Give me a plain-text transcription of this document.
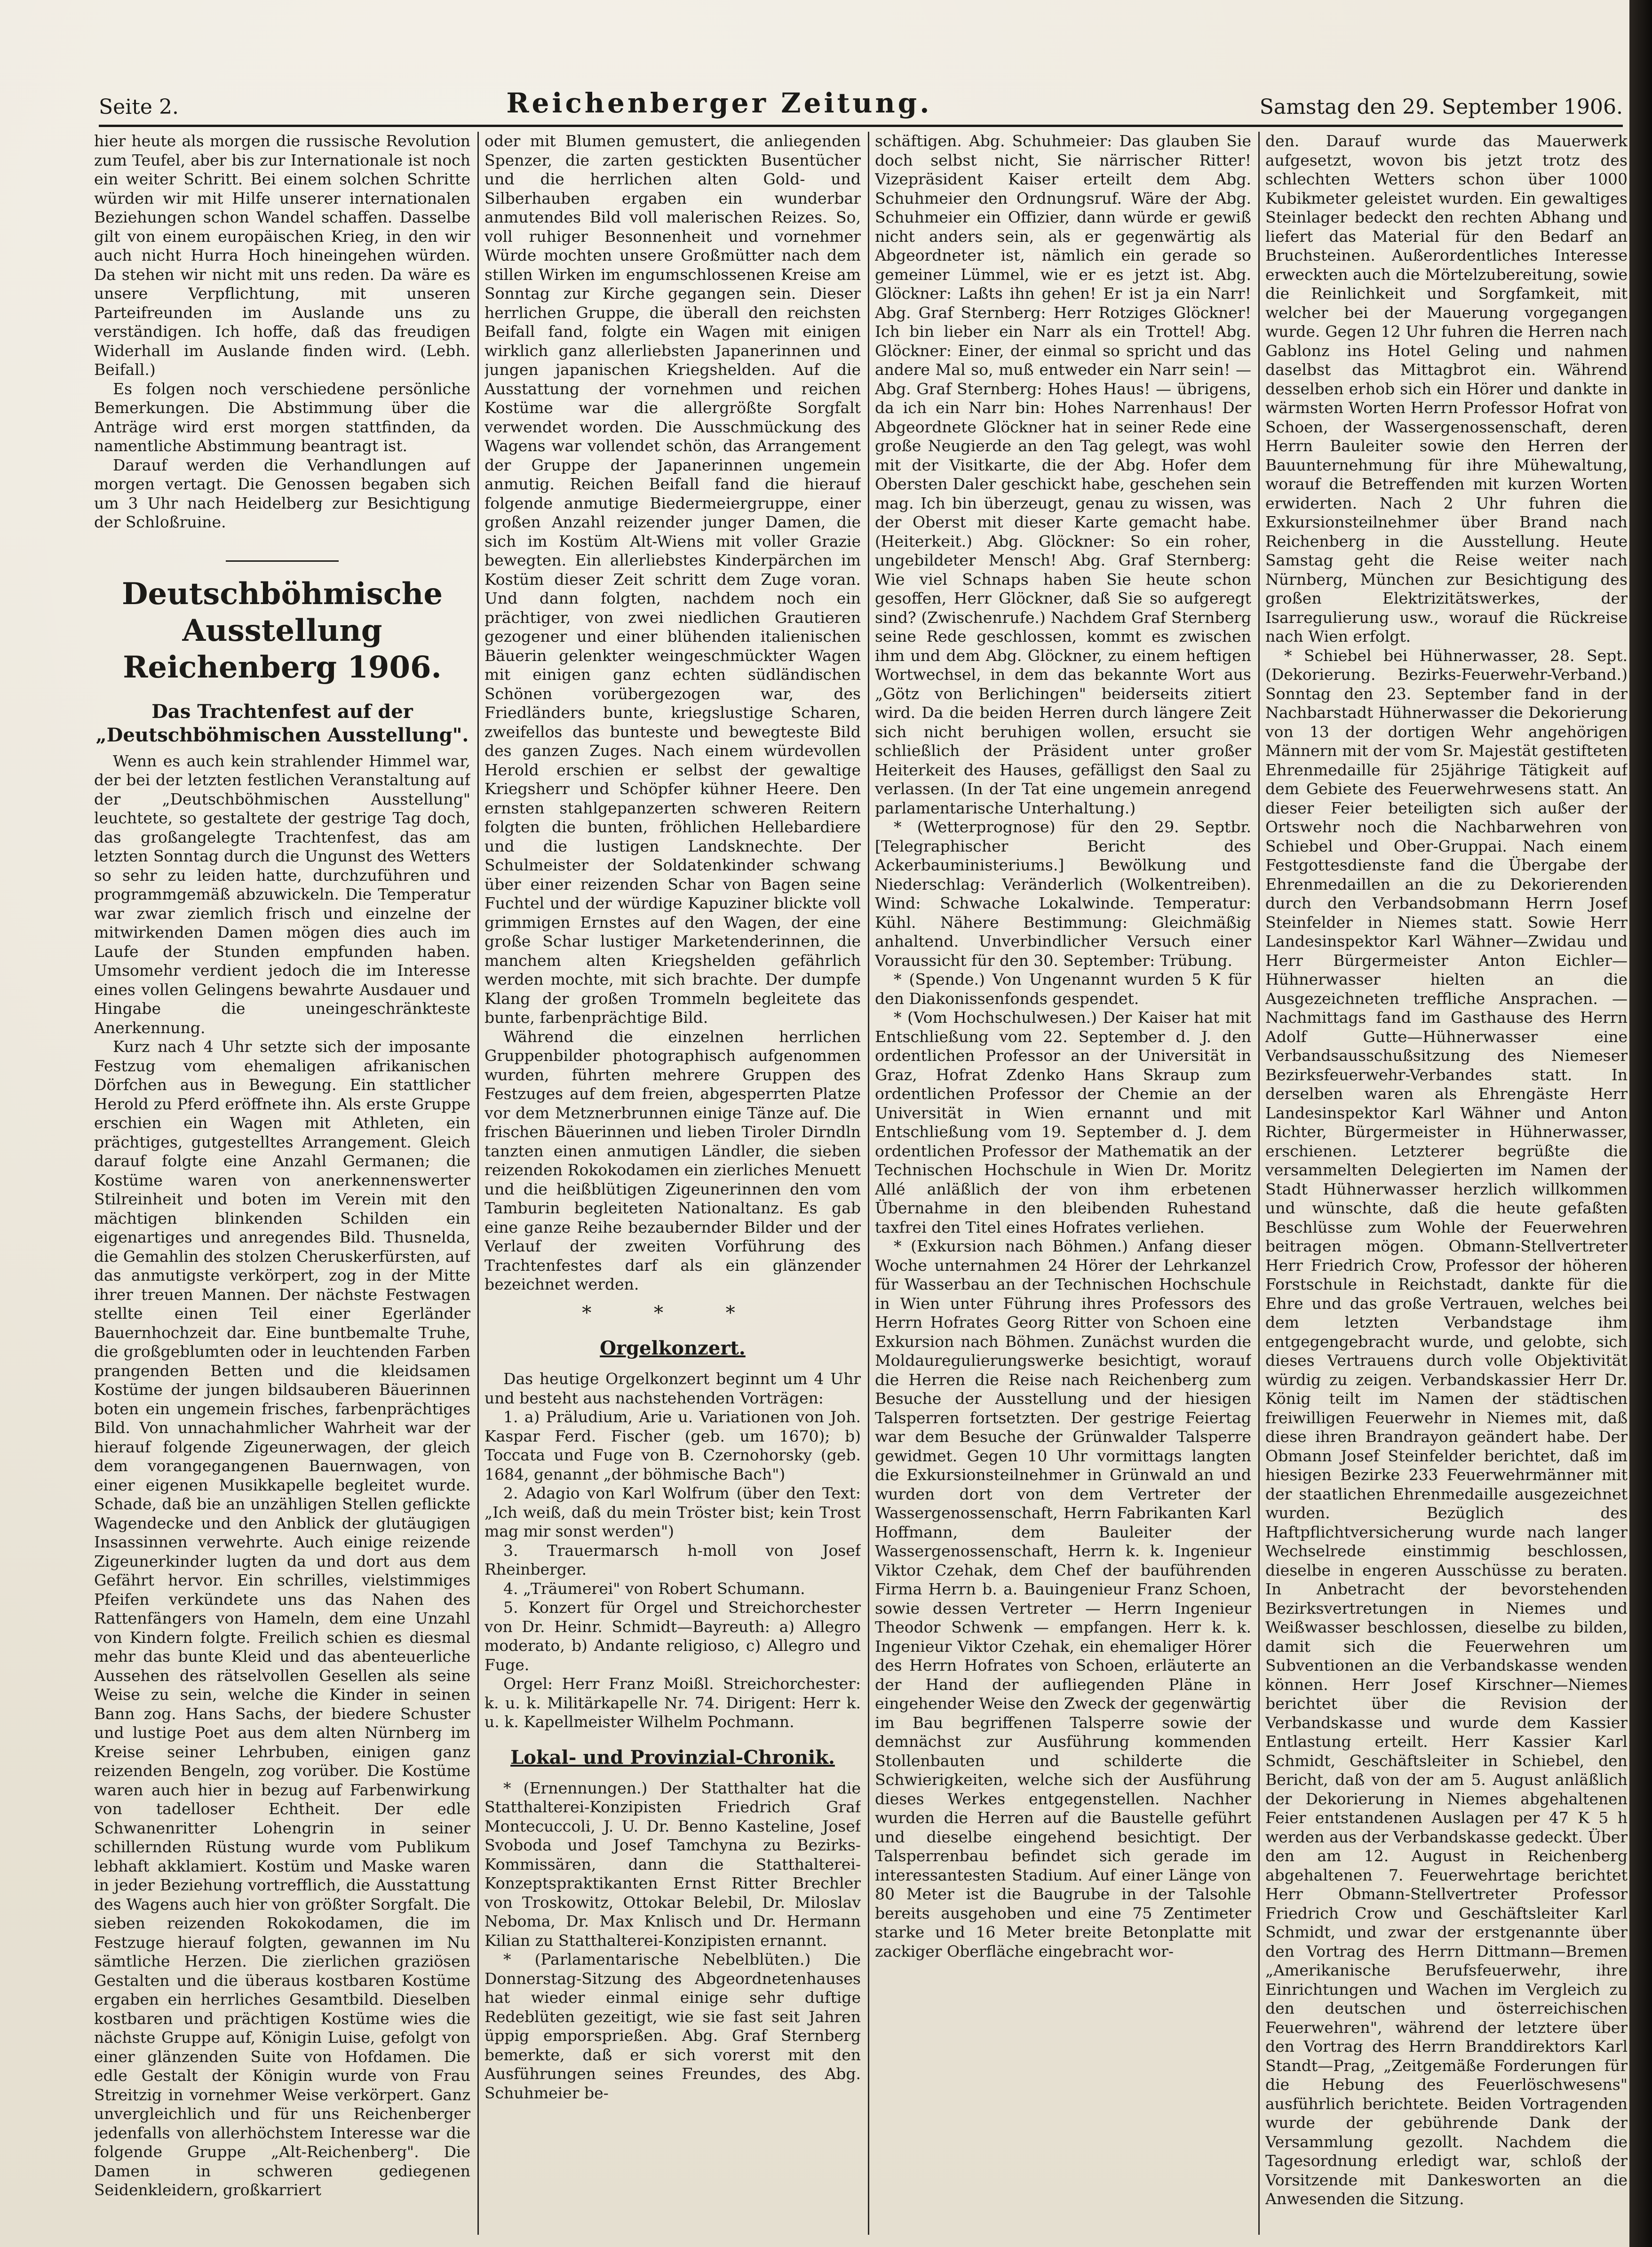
Seite 2.	Reichenberger Zeitung.	Samstag den 29. September 1906.

hier heute als morgen die russische Revolution zum Teufel, aber bis zur Internationale ist noch ein weiter Schritt. Bei einem solchen Schritte würden wir mit Hilfe unserer internationalen Beziehungen schon Wandel schaffen. Dasselbe gilt von einem europäischen Krieg, in den wir auch nicht Hurra Hoch hineingehen würden. Da stehen wir nicht mit uns reden. Da wäre es unsere Verpflichtung, mit unseren Parteifreunden im Auslande uns zu verständigen. Ich hoffe, daß das freudigen Widerhall im Auslande finden wird. (Lebh. Beifall.)

Es folgen noch verschiedene persönliche Bemerkungen. Die Abstimmung über die Anträge wird erst morgen stattfinden, da namentliche Abstimmung beantragt ist.

Darauf werden die Verhandlungen auf morgen vertagt. Die Genossen begaben sich um 3 Uhr nach Heidelberg zur Besichtigung der Schloßruine.

Deutschböhmische Ausstellung Reichenberg 1906.
Das Trachtenfest auf der „Deutschböhmischen Ausstellung".

Wenn es auch kein strahlender Himmel war, der bei der letzten festlichen Veranstaltung auf der „Deutschböhmischen Ausstellung" leuchtete, so gestaltete der gestrige Tag doch, das großangelegte Trachtenfest, das am letzten Sonntag durch die Ungunst des Wetters so sehr zu leiden hatte, durchzuführen und programmgemäß abzuwickeln. Die Temperatur war zwar ziemlich frisch und einzelne der mitwirkenden Damen mögen dies auch im Laufe der Stunden empfunden haben. Umsomehr verdient jedoch die im Interesse eines vollen Gelingens bewahrte Ausdauer und Hingabe die uneingeschränkteste Anerkennung.

Kurz nach 4 Uhr setzte sich der imposante Festzug vom ehemaligen afrikanischen Dörfchen aus in Bewegung. Ein stattlicher Herold zu Pferd eröffnete ihn. Als erste Gruppe erschien ein Wagen mit Athleten, ein prächtiges, gutgestelltes Arrangement. Gleich darauf folgte eine Anzahl Germanen; die Kostüme waren von anerkennenswerter Stilreinheit und boten im Verein mit den mächtigen blinkenden Schilden ein eigenartiges und anregendes Bild. Thusnelda, die Gemahlin des stolzen Cheruskerfürsten, auf das anmutigste verkörpert, zog in der Mitte ihrer treuen Mannen. Der nächste Festwagen stellte einen Teil einer Egerländer Bauernhochzeit dar. Eine buntbemalte Truhe, die großgeblumten oder in leuchtenden Farben prangenden Betten und die kleidsamen Kostüme der jungen bildsauberen Bäuerinnen boten ein ungemein frisches, farbenprächtiges Bild. Von unnachahmlicher Wahrheit war der hierauf folgende Zigeunerwagen, der gleich dem vorangegangenen Bauernwagen, von einer eigenen Musikkapelle begleitet wurde. Schade, daß bie an unzähligen Stellen geflickte Wagendecke und den Anblick der glutäugigen Insassinnen verwehrte. Auch einige reizende Zigeunerkinder lugten da und dort aus dem Gefährt hervor. Ein schrilles, vielstimmiges Pfeifen verkündete uns das Nahen des Rattenfängers von Hameln, dem eine Unzahl von Kindern folgte. Freilich schien es diesmal mehr das bunte Kleid und das abenteuerliche Aussehen des rätselvollen Gesellen als seine Weise zu sein, welche die Kinder in seinen Bann zog. Hans Sachs, der biedere Schuster und lustige Poet aus dem alten Nürnberg im Kreise seiner Lehrbuben, einigen ganz reizenden Bengeln, zog vorüber. Die Kostüme waren auch hier in bezug auf Farbenwirkung von tadelloser Echtheit. Der edle Schwanenritter Lohengrin in seiner schillernden Rüstung wurde vom Publikum lebhaft akklamiert. Kostüm und Maske waren in jeder Beziehung vortrefflich, die Ausstattung des Wagens auch hier von größter Sorgfalt. Die sieben reizenden Rokokodamen, die im Festzuge hierauf folgten, gewannen im Nu sämtliche Herzen. Die zierlichen graziösen Gestalten und die überaus kostbaren Kostüme ergaben ein herrliches Gesamtbild. Dieselben kostbaren und prächtigen Kostüme wies die nächste Gruppe auf, Königin Luise, gefolgt von einer glänzenden Suite von Hofdamen. Die edle Gestalt der Königin wurde von Frau Streitzig in vornehmer Weise verkörpert. Ganz unvergleichlich und für uns Reichenberger jedenfalls von allerhöchstem Interesse war die folgende Gruppe „Alt-Reichenberg". Die Damen in schweren gediegenen Seidenkleidern, großkarriert

oder mit Blumen gemustert, die anliegenden Spenzer, die zarten gestickten Busentücher und die herrlichen alten Gold- und Silberhauben ergaben ein wunderbar anmutendes Bild voll malerischen Reizes. So, voll ruhiger Besonnenheit und vornehmer Würde mochten unsere Großmütter nach dem stillen Wirken im engumschlossenen Kreise am Sonntag zur Kirche gegangen sein. Dieser herrlichen Gruppe, die überall den reichsten Beifall fand, folgte ein Wagen mit einigen wirklich ganz allerliebsten Japanerinnen und jungen japanischen Kriegshelden. Auf die Ausstattung der vornehmen und reichen Kostüme war die allergrößte Sorgfalt verwendet worden. Die Ausschmückung des Wagens war vollendet schön, das Arrangement der Gruppe der Japanerinnen ungemein anmutig. Reichen Beifall fand die hierauf folgende anmutige Biedermeiergruppe, einer großen Anzahl reizender junger Damen, die sich im Kostüm Alt-Wiens mit voller Grazie bewegten. Ein allerliebstes Kinderpärchen im Kostüm dieser Zeit schritt dem Zuge voran. Und dann folgten, nachdem noch ein prächtiger, von zwei niedlichen Grautieren gezogener und einer blühenden italienischen Bäuerin gelenkter weingeschmückter Wagen mit einigen ganz echten südländischen Schönen vorübergezogen war, des Friedländers bunte, kriegslustige Scharen, zweifellos das bunteste und bewegteste Bild des ganzen Zuges. Nach einem würdevollen Herold erschien er selbst der gewaltige Kriegsherr und Schöpfer kühner Heere. Den ernsten stahlgepanzerten schweren Reitern folgten die bunten, fröhlichen Hellebardiere und die lustigen Landsknechte. Der Schulmeister der Soldatenkinder schwang über einer reizenden Schar von Bagen seine Fuchtel und der würdige Kapuziner blickte voll grimmigen Ernstes auf den Wagen, der eine große Schar lustiger Marketenderinnen, die manchem alten Kriegshelden gefährlich werden mochte, mit sich brachte. Der dumpfe Klang der großen Trommeln begleitete das bunte, farbenprächtige Bild.

Während die einzelnen herrlichen Gruppenbilder photographisch aufgenommen wurden, führten mehrere Gruppen des Festzuges auf dem freien, abgesperrten Platze vor dem Metznerbrunnen einige Tänze auf. Die frischen Bäuerinnen und lieben Tiroler Dirndln tanzten einen anmutigen Ländler, die sieben reizenden Rokokodamen ein zierliches Menuett und die heißblütigen Zigeunerinnen den vom Tamburin begleiteten Nationaltanz. Es gab eine ganze Reihe bezaubernder Bilder und der Verlauf der zweiten Vorführung des Trachtenfestes darf als ein glänzender bezeichnet werden.

* * *
Orgelkonzert.

Das heutige Orgelkonzert beginnt um 4 Uhr und besteht aus nachstehenden Vorträgen:

1. a) Präludium, Arie u. Variationen von Joh. Kaspar Ferd. Fischer (geb. um 1670); b) Toccata und Fuge von B. Czernohorsky (geb. 1684, genannt „der böhmische Bach")

2. Adagio von Karl Wolfrum (über den Text: „Ich weiß, daß du mein Tröster bist; kein Trost mag mir sonst werden")

3. Trauermarsch h-moll von Josef Rheinberger.

4. „Träumerei" von Robert Schumann.

5. Konzert für Orgel und Streichorchester von Dr. Heinr. Schmidt—Bayreuth: a) Allegro moderato, b) Andante religioso, c) Allegro und Fuge.

Orgel: Herr Franz Moißl. Streichorchester: k. u. k. Militärkapelle Nr. 74. Dirigent: Herr k. u. k. Kapellmeister Wilhelm Pochmann.

Lokal- und Provinzial-Chronik.

* (Ernennungen.) Der Statthalter hat die Statthalterei-Konzipisten Friedrich Graf Montecuccoli, J. U. Dr. Benno Kasteline, Josef Svoboda und Josef Tamchyna zu Bezirks-Kommissären, dann die Statthalterei-Konzeptspraktikanten Ernst Ritter Brechler von Troskowitz, Ottokar Belebil, Dr. Miloslav Neboma, Dr. Max Knlisch und Dr. Hermann Kilian zu Statthalterei-Konzipisten ernannt.

* (Parlamentarische Nebelblüten.) Die Donnerstag-Sitzung des Abgeordnetenhauses hat wieder einmal einige sehr duftige Redeblüten gezeitigt, wie sie fast seit Jahren üppig emporsprießen. Abg. Graf Sternberg bemerkte, daß er sich vorerst mit den Ausführungen seines Freundes, des Abg. Schuhmeier be-

schäftigen. Abg. Schuhmeier: Das glauben Sie doch selbst nicht, Sie närrischer Ritter! Vizepräsident Kaiser erteilt dem Abg. Schuhmeier den Ordnungsruf. Wäre der Abg. Schuhmeier ein Offizier, dann würde er gewiß nicht anders sein, als er gegenwärtig als Abgeordneter ist, nämlich ein gerade so gemeiner Lümmel, wie er es jetzt ist. Abg. Glöckner: Laßts ihn gehen! Er ist ja ein Narr! Abg. Graf Sternberg: Herr Rotziges Glöckner! Ich bin lieber ein Narr als ein Trottel! Abg. Glöckner: Einer, der einmal so spricht und das andere Mal so, muß entweder ein Narr sein! — Abg. Graf Sternberg: Hohes Haus! — übrigens, da ich ein Narr bin: Hohes Narrenhaus! Der Abgeordnete Glöckner hat in seiner Rede eine große Neugierde an den Tag gelegt, was wohl mit der Visitkarte, die der Abg. Hofer dem Obersten Daler geschickt habe, geschehen sein mag. Ich bin überzeugt, genau zu wissen, was der Oberst mit dieser Karte gemacht habe. (Heiterkeit.) Abg. Glöckner: So ein roher, ungebildeter Mensch! Abg. Graf Sternberg: Wie viel Schnaps haben Sie heute schon gesoffen, Herr Glöckner, daß Sie so aufgeregt sind? (Zwischenrufe.) Nachdem Graf Sternberg seine Rede geschlossen, kommt es zwischen ihm und dem Abg. Glöckner, zu einem heftigen Wortwechsel, in dem das bekannte Wort aus „Götz von Berlichingen" beiderseits zitiert wird. Da die beiden Herren durch längere Zeit sich nicht beruhigen wollen, ersucht sie schließlich der Präsident unter großer Heiterkeit des Hauses, gefälligst den Saal zu verlassen. (In der Tat eine ungemein anregend parlamentarische Unterhaltung.)

* (Wetterprognose) für den 29. Septbr. [Telegraphischer Bericht des Ackerbauministeriums.] Bewölkung und Niederschlag: Veränderlich (Wolkentreiben). Wind: Schwache Lokalwinde. Temperatur: Kühl. Nähere Bestimmung: Gleichmäßig anhaltend. Unverbindlicher Versuch einer Voraussicht für den 30. September: Trübung.

* (Spende.) Von Ungenannt wurden 5 K für den Diakonissenfonds gespendet.

* (Vom Hochschulwesen.) Der Kaiser hat mit Entschließung vom 22. September d. J. den ordentlichen Professor an der Universität in Graz, Hofrat Zdenko Hans Skraup zum ordentlichen Professor der Chemie an der Universität in Wien ernannt und mit Entschließung vom 19. September d. J. dem ordentlichen Professor der Mathematik an der Technischen Hochschule in Wien Dr. Moritz Allé anläßlich der von ihm erbetenen Übernahme in den bleibenden Ruhestand taxfrei den Titel eines Hofrates verliehen.

* (Exkursion nach Böhmen.) Anfang dieser Woche unternahmen 24 Hörer der Lehrkanzel für Wasserbau an der Technischen Hochschule in Wien unter Führung ihres Professors des Herrn Hofrates Georg Ritter von Schoen eine Exkursion nach Böhmen. Zunächst wurden die Moldauregulierungswerke besichtigt, worauf die Herren die Reise nach Reichenberg zum Besuche der Ausstellung und der hiesigen Talsperren fortsetzten. Der gestrige Feiertag war dem Besuche der Grünwalder Talsperre gewidmet. Gegen 10 Uhr vormittags langten die Exkursionsteilnehmer in Grünwald an und wurden dort von dem Vertreter der Wassergenossenschaft, Herrn Fabrikanten Karl Hoffmann, dem Bauleiter der Wassergenossenschaft, Herrn k. k. Ingenieur Viktor Czehak, dem Chef der bauführenden Firma Herrn b. a. Bauingenieur Franz Schoen, sowie dessen Vertreter — Herrn Ingenieur Theodor Schwenk — empfangen. Herr k. k. Ingenieur Viktor Czehak, ein ehemaliger Hörer des Herrn Hofrates von Schoen, erläuterte an der Hand der aufliegenden Pläne in eingehender Weise den Zweck der gegenwärtig im Bau begriffenen Talsperre sowie der demnächst zur Ausführung kommenden Stollenbauten und schilderte die Schwierigkeiten, welche sich der Ausführung dieses Werkes entgegenstellen. Nachher wurden die Herren auf die Baustelle geführt und dieselbe eingehend besichtigt. Der Talsperrenbau befindet sich gerade im interessantesten Stadium. Auf einer Länge von 80 Meter ist die Baugrube in der Talsohle bereits ausgehoben und eine 75 Zentimeter starke und 16 Meter breite Betonplatte mit zackiger Oberfläche eingebracht wor-

den. Darauf wurde das Mauerwerk aufgesetzt, wovon bis jetzt trotz des schlechten Wetters schon über 1000 Kubikmeter geleistet wurden. Ein gewaltiges Steinlager bedeckt den rechten Abhang und liefert das Material für den Bedarf an Bruchsteinen. Außerordentliches Interesse erweckten auch die Mörtelzubereitung, sowie die Reinlichkeit und Sorgfamkeit, mit welcher bei der Mauerung vorgegangen wurde. Gegen 12 Uhr fuhren die Herren nach Gablonz ins Hotel Geling und nahmen daselbst das Mittagbrot ein. Während desselben erhob sich ein Hörer und dankte in wärmsten Worten Herrn Professor Hofrat von Schoen, der Wassergenossenschaft, deren Herrn Bauleiter sowie den Herren der Bauunternehmung für ihre Mühewaltung, worauf die Betreffenden mit kurzen Worten erwiderten. Nach 2 Uhr fuhren die Exkursionsteilnehmer über Brand nach Reichenberg in die Ausstellung. Heute Samstag geht die Reise weiter nach Nürnberg, München zur Besichtigung des großen Elektrizitätswerkes, der Isarregulierung usw., worauf die Rückreise nach Wien erfolgt.

* Schiebel bei Hühnerwasser, 28. Sept. (Dekorierung. Bezirks-Feuerwehr-Verband.) Sonntag den 23. September fand in der Nachbarstadt Hühnerwasser die Dekorierung von 13 der dortigen Wehr angehörigen Männern mit der vom Sr. Majestät gestifteten Ehrenmedaille für 25jährige Tätigkeit auf dem Gebiete des Feuerwehrwesens statt. An dieser Feier beteiligten sich außer der Ortswehr noch die Nachbarwehren von Schiebel und Ober-Gruppai. Nach einem Festgottesdienste fand die Übergabe der Ehrenmedaillen an die zu Dekorierenden durch den Verbandsobmann Herrn Josef Steinfelder in Niemes statt. Sowie Herr Landesinspektor Karl Wähner—Zwidau und Herr Bürgermeister Anton Eichler—Hühnerwasser hielten an die Ausgezeichneten treffliche Ansprachen. — Nachmittags fand im Gasthause des Herrn Adolf Gutte—Hühnerwasser eine Verbandsausschußsitzung des Niemeser Bezirksfeuerwehr-Verbandes statt. In derselben waren als Ehrengäste Herr Landesinspektor Karl Wähner und Anton Richter, Bürgermeister in Hühnerwasser, erschienen. Letzterer begrüßte die versammelten Delegierten im Namen der Stadt Hühnerwasser herzlich willkommen und wünschte, daß die heute gefaßten Beschlüsse zum Wohle der Feuerwehren beitragen mögen. Obmann-Stellvertreter Herr Friedrich Crow, Professor der höheren Forstschule in Reichstadt, dankte für die Ehre und das große Vertrauen, welches bei dem letzten Verbandstage ihm entgegengebracht wurde, und gelobte, sich dieses Vertrauens durch volle Objektivität würdig zu zeigen. Verbandskassier Herr Dr. König teilt im Namen der städtischen freiwilligen Feuerwehr in Niemes mit, daß diese ihren Brandrayon geändert habe. Der Obmann Josef Steinfelder berichtet, daß im hiesigen Bezirke 233 Feuerwehrmänner mit der staatlichen Ehrenmedaille ausgezeichnet wurden. Bezüglich des Haftpflichtversicherung wurde nach langer Wechselrede einstimmig beschlossen, dieselbe in engeren Ausschüsse zu beraten. In Anbetracht der bevorstehenden Bezirksvertretungen in Niemes und Weißwasser beschlossen, dieselbe zu bilden, damit sich die Feuerwehren um Subventionen an die Verbandskasse wenden können. Herr Josef Kirschner—Niemes berichtet über die Revision der Verbandskasse und wurde dem Kassier Entlastung erteilt. Herr Kassier Karl Schmidt, Geschäftsleiter in Schiebel, den Bericht, daß von der am 5. August anläßlich der Dekorierung in Niemes abgehaltenen Feier entstandenen Auslagen per 47 K 5 h werden aus der Verbandskasse gedeckt. Über den am 12. August in Reichenberg abgehaltenen 7. Feuerwehrtage berichtet Herr Obmann-Stellvertreter Professor Friedrich Crow und Geschäftsleiter Karl Schmidt, und zwar der erstgenannte über den Vortrag des Herrn Dittmann—Bremen „Amerikanische Berufsfeuerwehr, ihre Einrichtungen und Wachen im Vergleich zu den deutschen und österreichischen Feuerwehren", während der letztere über den Vortrag des Herrn Branddirektors Karl Standt—Prag, „Zeitgemäße Forderungen für die Hebung des Feuerlöschwesens" ausführlich berichtete. Beiden Vortragenden wurde der gebührende Dank der Versammlung gezollt. Nachdem die Tagesordnung erledigt war, schloß der Vorsitzende mit Dankesworten an die Anwesenden die Sitzung.
